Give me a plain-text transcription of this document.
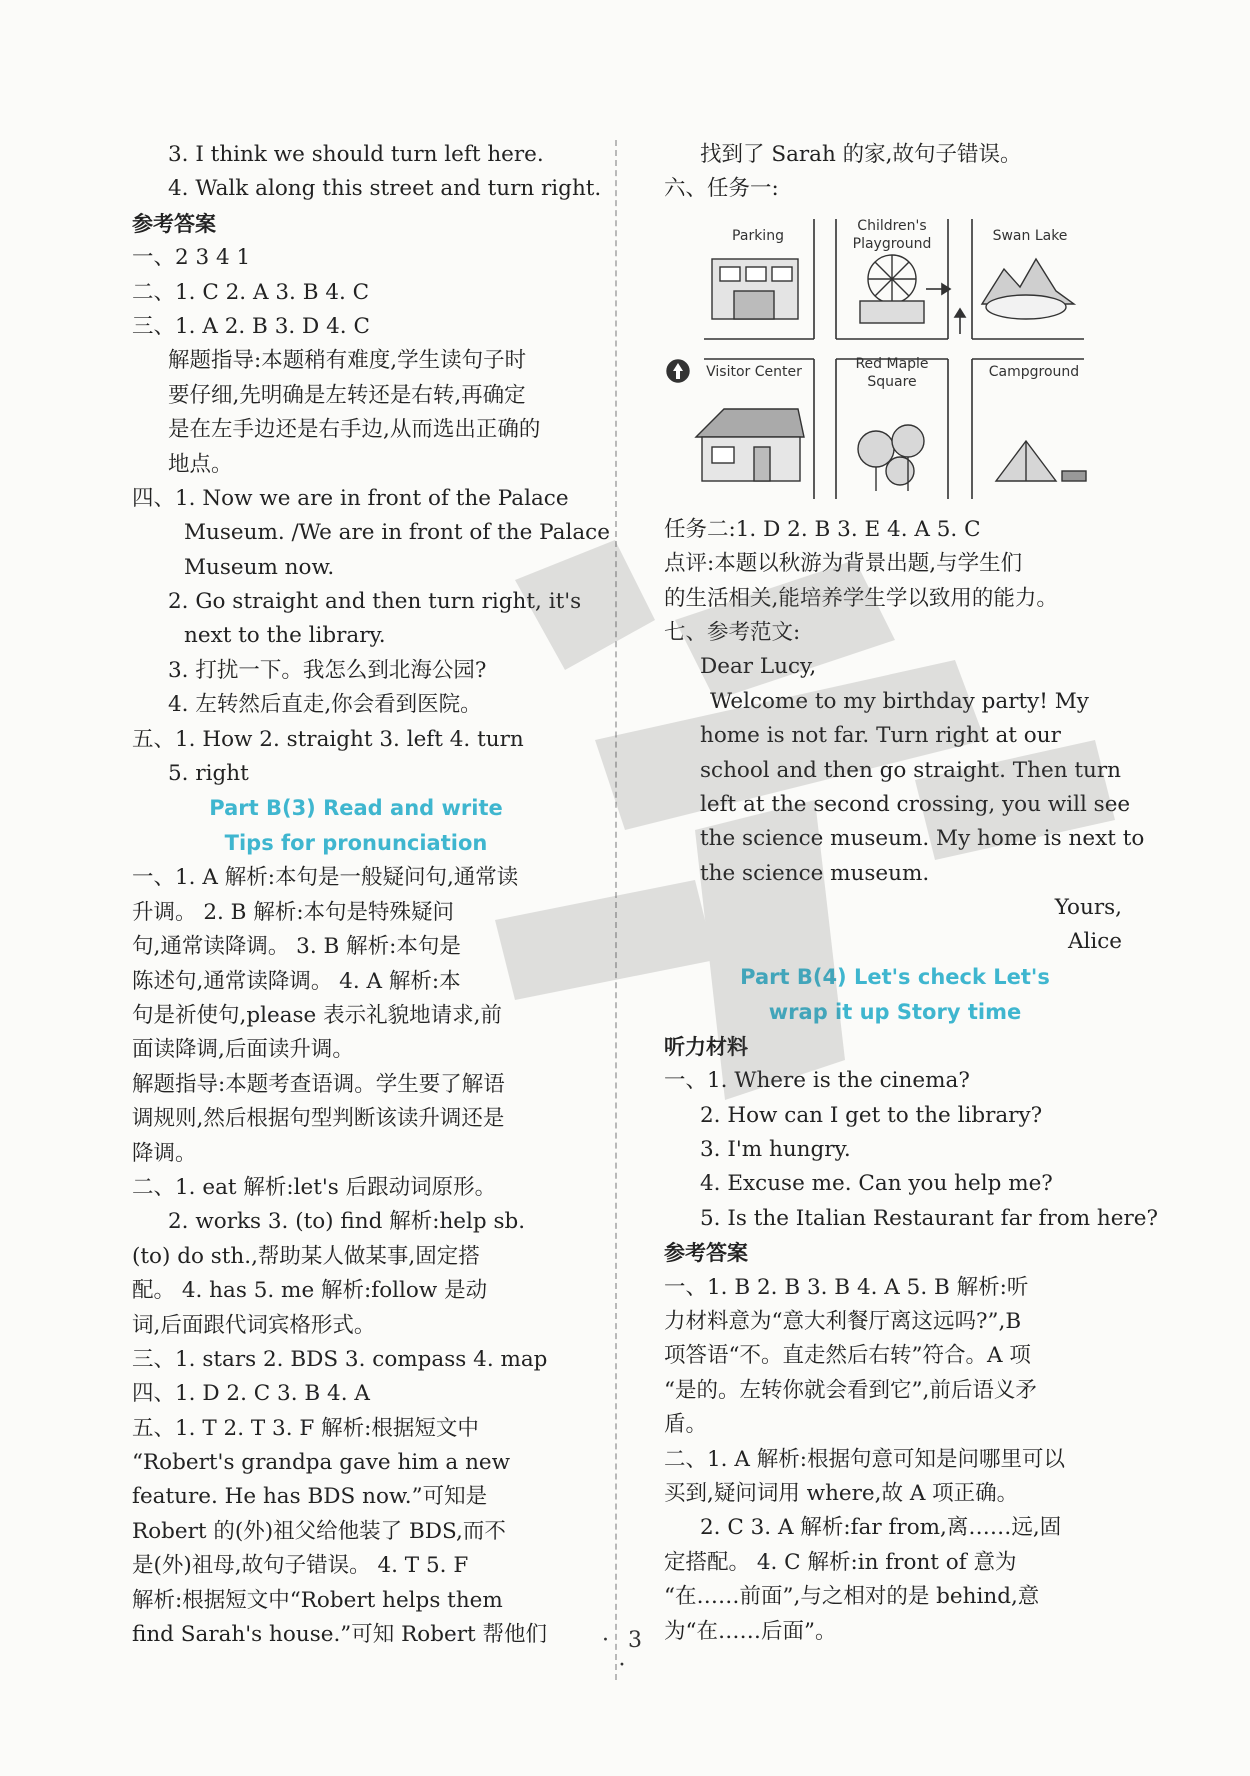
3. I think we should turn left here.
4. Walk along this street and turn right.
参考答案
一、2 3 4 1
二、1. C 2. A 3. B 4. C
三、1. A 2. B 3. D 4. C
解题指导:本题稍有难度,学生读句子时
要仔细,先明确是左转还是右转,再确定
是在左手边还是右手边,从而选出正确的
地点。
四、1. Now we are in front of the Palace
Museum. /We are in front of the Palace
Museum now.
2. Go straight and then turn right, it's
next to the library.
3. 打扰一下。我怎么到北海公园?
4. 左转然后直走,你会看到医院。
五、1. How 2. straight 3. left 4. turn
5. right
Part B(3) Read and write
Tips for pronunciation
一、1. A 解析:本句是一般疑问句,通常读
升调。 2. B 解析:本句是特殊疑问
句,通常读降调。 3. B 解析:本句是
陈述句,通常读降调。 4. A 解析:本
句是祈使句,please 表示礼貌地请求,前
面读降调,后面读升调。
解题指导:本题考查语调。学生要了解语
调规则,然后根据句型判断该读升调还是
降调。
二、1. eat 解析:let's 后跟动词原形。
2. works 3. (to) find 解析:help sb.
(to) do sth.,帮助某人做某事,固定搭
配。 4. has 5. me 解析:follow 是动
词,后面跟代词宾格形式。
三、1. stars 2. BDS 3. compass 4. map
四、1. D 2. C 3. B 4. A
五、1. T 2. T 3. F 解析:根据短文中
“Robert's grandpa gave him a new
feature. He has BDS now.”可知是
Robert 的(外)祖父给他装了 BDS,而不
是(外)祖母,故句子错误。 4. T 5. F
解析:根据短文中“Robert helps them
find Sarah's house.”可知 Robert 帮他们
找到了 Sarah 的家,故句子错误。
六、任务一:
Parking
Children's Playground	Swan Lake
Visitor Center	Red Maple Square
Campground
任务二:1. D 2. B 3. E 4. A 5. C
点评:本题以秋游为背景出题,与学生们
的生活相关,能培养学生学以致用的能力。
七、参考范文:
Dear Lucy,
Welcome to my birthday party! My
home is not far. Turn right at our
school and then go straight. Then turn
left at the second crossing, you will see
the science museum. My home is next to
the science museum.
Yours,
Alice
Part B(4) Let's check Let's
wrap it up Story time
听力材料
一、1. Where is the cinema?
2. How can I get to the library?
3. I'm hungry.
4. Excuse me. Can you help me?
5. Is the Italian Restaurant far from here?
参考答案
一、1. B 2. B 3. B 4. A 5. B 解析:听
力材料意为“意大利餐厅离这远吗?”,B
项答语“不。直走然后右转”符合。A 项
“是的。左转你就会看到它”,前后语义矛
盾。
二、1. A 解析:根据句意可知是问哪里可以
买到,疑问词用 where,故 A 项正确。
2. C 3. A 解析:far from,离……远,固
定搭配。 4. C 解析:in front of 意为
“在……前面”,与之相对的是 behind,意
为“在……后面”。
· 3 ·
